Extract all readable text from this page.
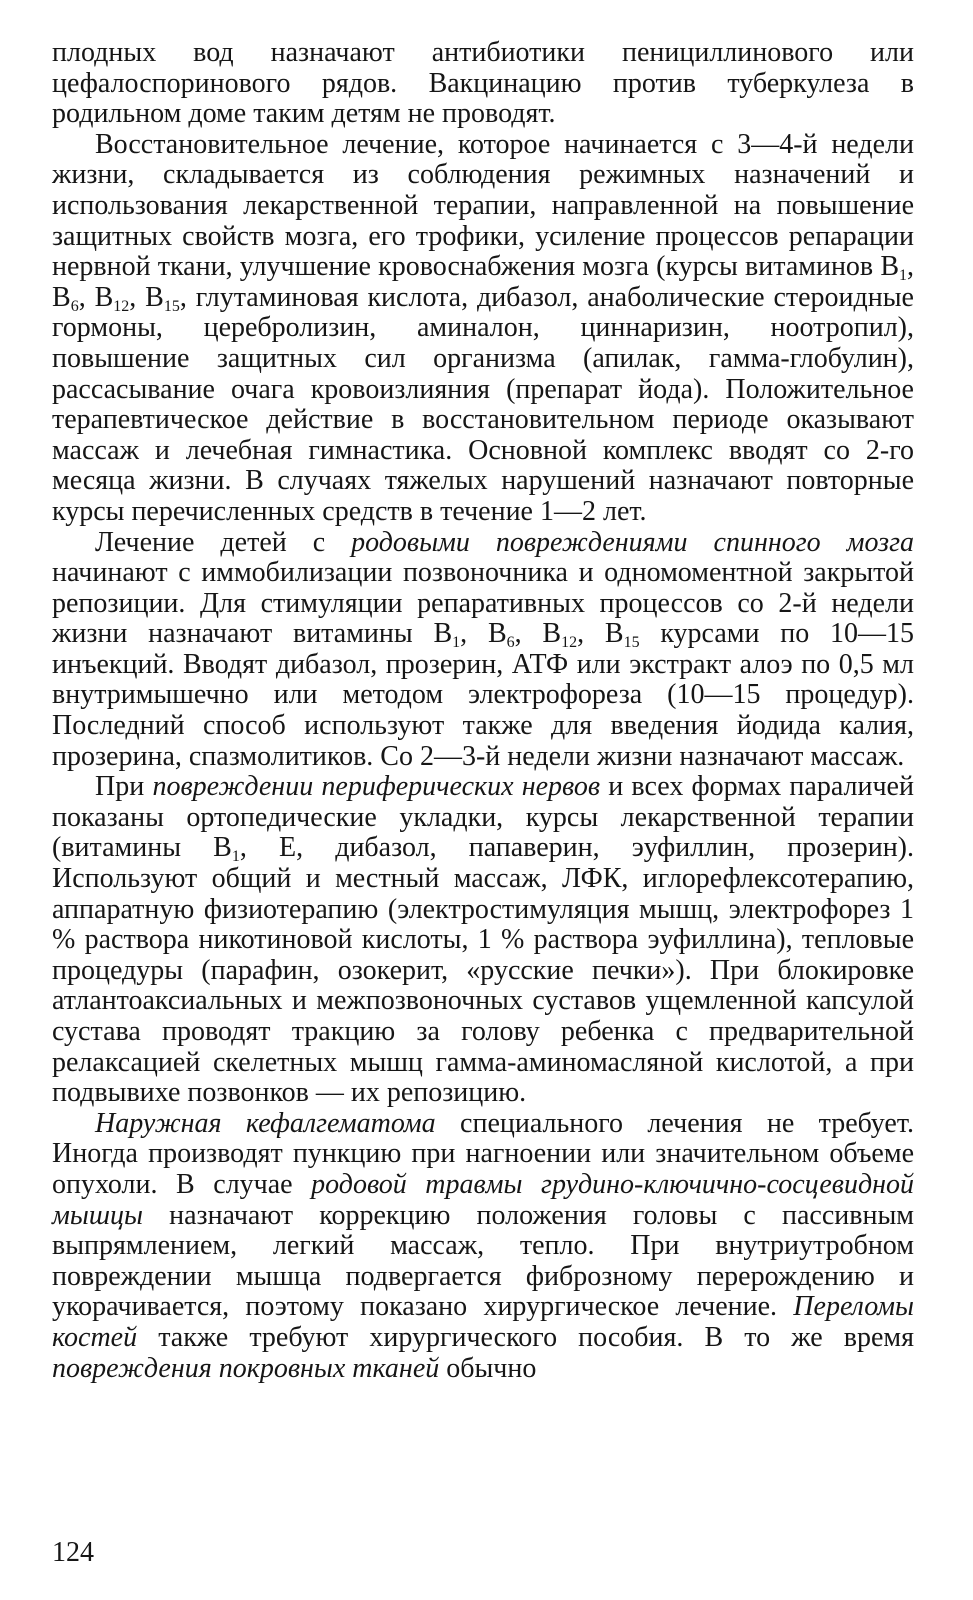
плодных вод назначают антибиотики пенициллинового или цефалоспоринового рядов. Вакцинацию против туберкулеза в родильном доме таким детям не проводят.

Восстановительное лечение, которое начинается с 3—4-й недели жизни, складывается из соблюдения режимных назначений и использования лекарственной терапии, направленной на повышение защитных свойств мозга, его трофики, усиление процессов репарации нервной ткани, улучшение кровоснабжения мозга (курсы витаминов $В_1$, $В_6$, $В_{12}$, $В_{15}$, глутаминовая кислота, дибазол, анаболические стероидные гормоны, церебролизин, аминалон, циннаризин, ноотропил), повышение защитных сил организма (апилак, гамма-глобулин), рассасывание очага кровоизлияния (препарат йода). Положительное терапевтическое действие в восстановительном периоде оказывают массаж и лечебная гимнастика. Основной комплекс вводят со 2-го месяца жизни. В случаях тяжелых нарушений назначают повторные курсы перечисленных средств в течение 1—2 лет.

Лечение детей с родовыми повреждениями спинного мозга начинают с иммобилизации позвоночника и одномоментной закрытой репозиции. Для стимуляции репаративных процессов со 2-й недели жизни назначают витамины $В_1$, $В_6$, $В_{12}$, $В_{15}$ курсами по 10—15 инъекций. Вводят дибазол, прозерин, АТФ или экстракт алоэ по 0,5 мл внутримышечно или методом электрофореза (10—15 процедур). Последний способ используют также для введения йодида калия, прозерина, спазмолитиков. Со 2—3-й недели жизни назначают массаж.

При повреждении периферических нервов и всех формах параличей показаны ортопедические укладки, курсы лекарственной терапии (витамины $В_1$, Е, дибазол, папаверин, эуфиллин, прозерин). Используют общий и местный массаж, ЛФК, иглорефлексотерапию, аппаратную физиотерапию (электростимуляция мышц, электрофорез 1 % раствора никотиновой кислоты, 1 % раствора эуфиллина), тепловые процедуры (парафин, озокерит, «русские печки»). При блокировке атлантоаксиальных и межпозвоночных суставов ущемленной капсулой сустава проводят тракцию за голову ребенка с предварительной релаксацией скелетных мышц гамма-аминомасляной кислотой, а при подвывихе позвонков — их репозицию.

Наружная кефалгематома специального лечения не требует. Иногда производят пункцию при нагноении или значительном объеме опухоли. В случае родовой травмы грудино-ключично-сосцевидной мышцы назначают коррекцию положения головы с пассивным выпрямлением, легкий массаж, тепло. При внутриутробном повреждении мышца подвергается фиброзному перерождению и укорачивается, поэтому показано хирургическое лечение. Переломы костей также требуют хирургического пособия. В то же время повреждения покровных тканей обычно

124
